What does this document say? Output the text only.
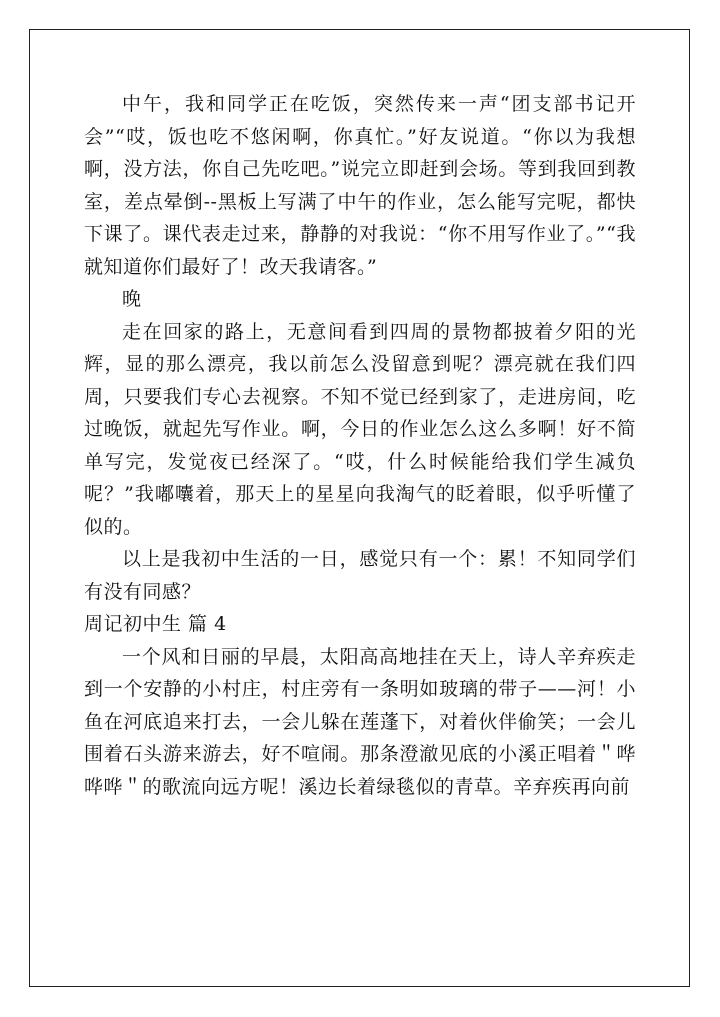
中午，我和同学正在吃饭，突然传来一声“团支部书记开会”“哎，饭也吃不悠闲啊，你真忙。”好友说道。“你以为我想啊，没方法，你自己先吃吧。”说完立即赶到会场。等到我回到教室，差点晕倒--黑板上写满了中午的作业，怎么能写完呢，都快下课了。课代表走过来，静静的对我说：“你不用写作业了。”“我就知道你们最好了！改天我请客。”

晚

走在回家的路上，无意间看到四周的景物都披着夕阳的光辉，显的那么漂亮，我以前怎么没留意到呢？漂亮就在我们四周，只要我们专心去视察。不知不觉已经到家了，走进房间，吃过晚饭，就起先写作业。啊，今日的作业怎么这么多啊！好不简单写完，发觉夜已经深了。“哎，什么时候能给我们学生减负呢？”我嘟囔着，那天上的星星向我淘气的眨着眼，似乎听懂了似的。

以上是我初中生活的一日，感觉只有一个：累！不知同学们有没有同感？

周记初中生 篇 4

一个风和日丽的早晨，太阳高高地挂在天上，诗人辛弃疾走到一个安静的小村庄，村庄旁有一条明如玻璃的带子——河！小鱼在河底追来打去，一会儿躲在莲蓬下，对着伙伴偷笑；一会儿围着石头游来游去，好不喧闹。那条澄澈见底的小溪正唱着＂哗哗哗＂的歌流向远方呢！溪边长着绿毯似的青草。辛弃疾再向前
